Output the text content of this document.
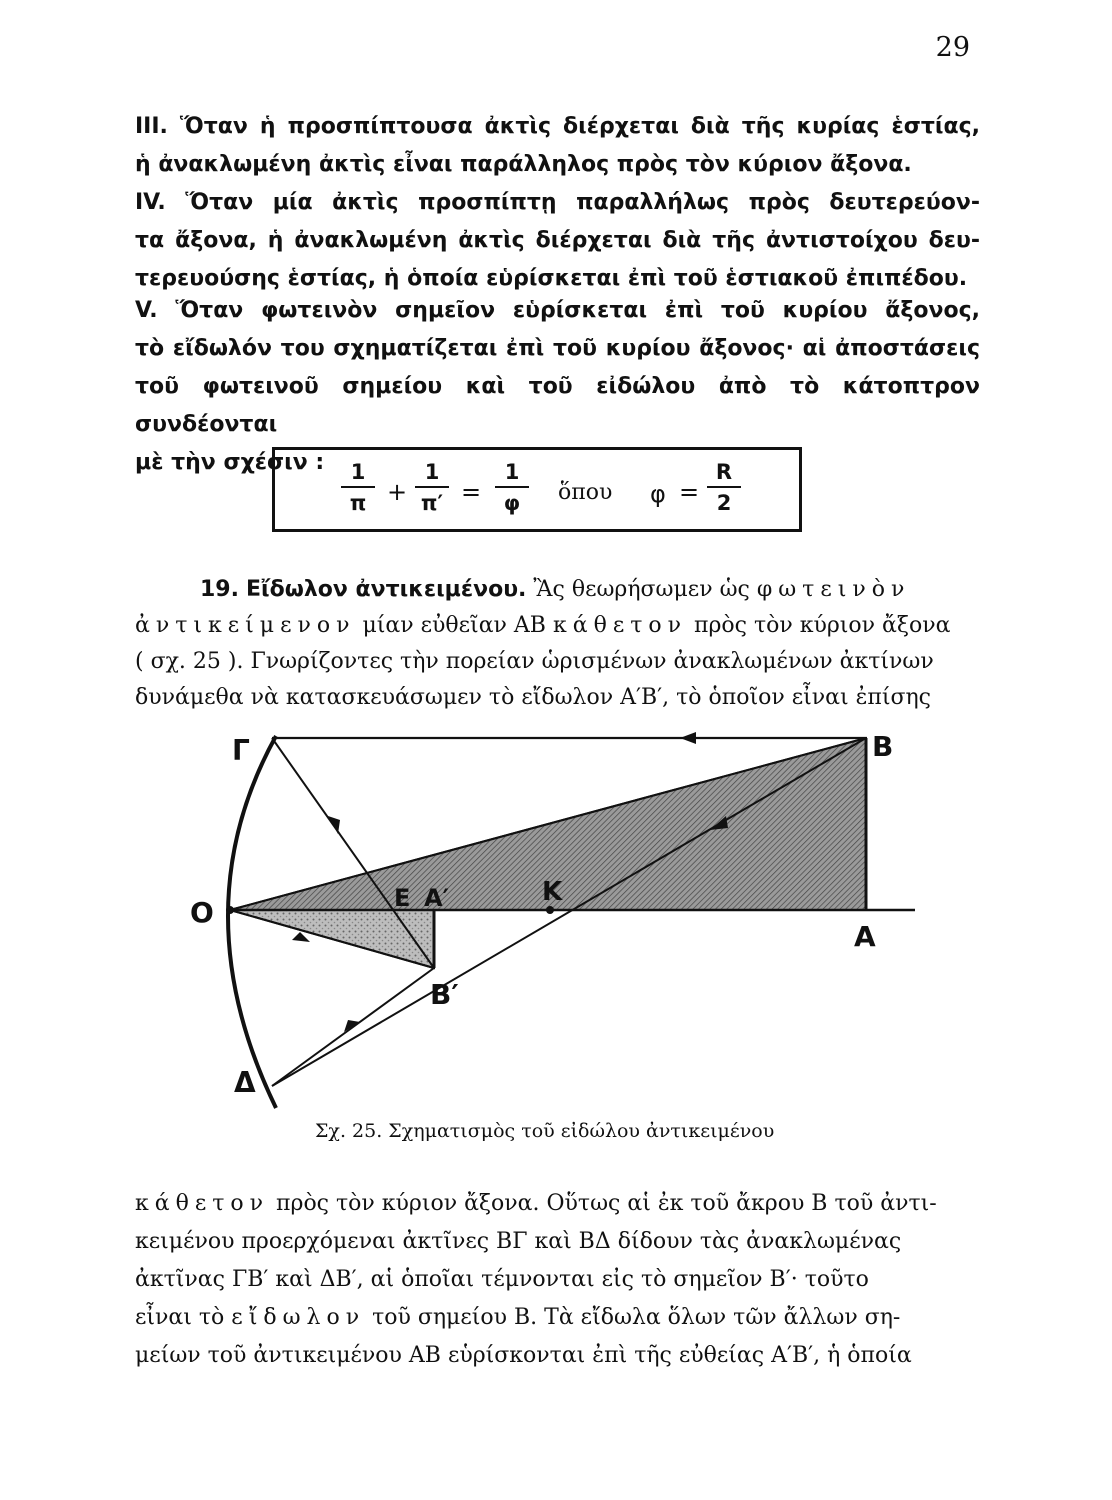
29
III. Ὅταν ἡ προσπίπτουσα ἀκτὶς διέρχεται διὰ τῆς κυρίας ἑστίας,
ἡ ἀνακλωμένη ἀκτὶς εἶναι παράλληλος πρὸς τὸν κύριον ἄξονα.
IV. Ὅταν μία ἀκτὶς προσπίπτῃ παραλλήλως πρὸς δευτερεύον-
τα ἄξονα, ἡ ἀνακλωμένη ἀκτὶς διέρχεται διὰ τῆς ἀντιστοίχου δευ-
τερευούσης ἑστίας, ἡ ὁποία εὑρίσκεται ἐπὶ τοῦ ἑστιακοῦ ἐπιπέδου.
V. Ὅταν φωτεινὸν σημεῖον εὑρίσκεται ἐπὶ τοῦ κυρίου ἄξονος,
τὸ εἴδωλόν του σχηματίζεται ἐπὶ τοῦ κυρίου ἄξονος· αἱ ἀποστάσεις
τοῦ φωτεινοῦ σημείου καὶ τοῦ εἰδώλου ἀπὸ τὸ κάτοπτρον συνδέονται
μὲ τὴν σχέσιν : $\frac{1}{\pi} + \frac{1}{\pi'} = \frac{1}{\varphi}$ ὅπου $\varphi = \frac{R}{2}$
19. Εἴδωλον ἀντικειμένου. Ἂς θεωρήσωμεν ὡς φωτεινὸν
ἀντικείμενον μίαν εὐθεῖαν ΑΒ κάθετον πρὸς τὸν κύριον ἄξονα
( σχ. 25 ). Γνωρίζοντες τὴν πορείαν ὡρισμένων ἀνακλωμένων ἀκτίνων
δυνάμεθα νὰ κατασκευάσωμεν τὸ εἴδωλον Α′Β′, τὸ ὁποῖον εἶναι ἐπίσης
Γ	B
O	E A′	K
A
B′
Δ
Σχ. 25. Σχηματισμὸς τοῦ εἰδώλου ἀντικειμένου
κάθετον πρὸς τὸν κύριον ἄξονα. Οὕτως αἱ ἐκ τοῦ ἄκρου Β τοῦ ἀντι-
κειμένου προερχόμεναι ἀκτῖνες ΒΓ καὶ ΒΔ δίδουν τὰς ἀνακλωμένας
ἀκτῖνας ΓΒ′ καὶ ΔΒ′, αἱ ὁποῖαι τέμνονται εἰς τὸ σημεῖον Β′· τοῦτο
εἶναι τὸ εἴδωλον τοῦ σημείου Β. Τὰ εἴδωλα ὅλων τῶν ἄλλων ση-
μείων τοῦ ἀντικειμένου ΑΒ εὑρίσκονται ἐπὶ τῆς εὐθείας Α′Β′, ἡ ὁποία
